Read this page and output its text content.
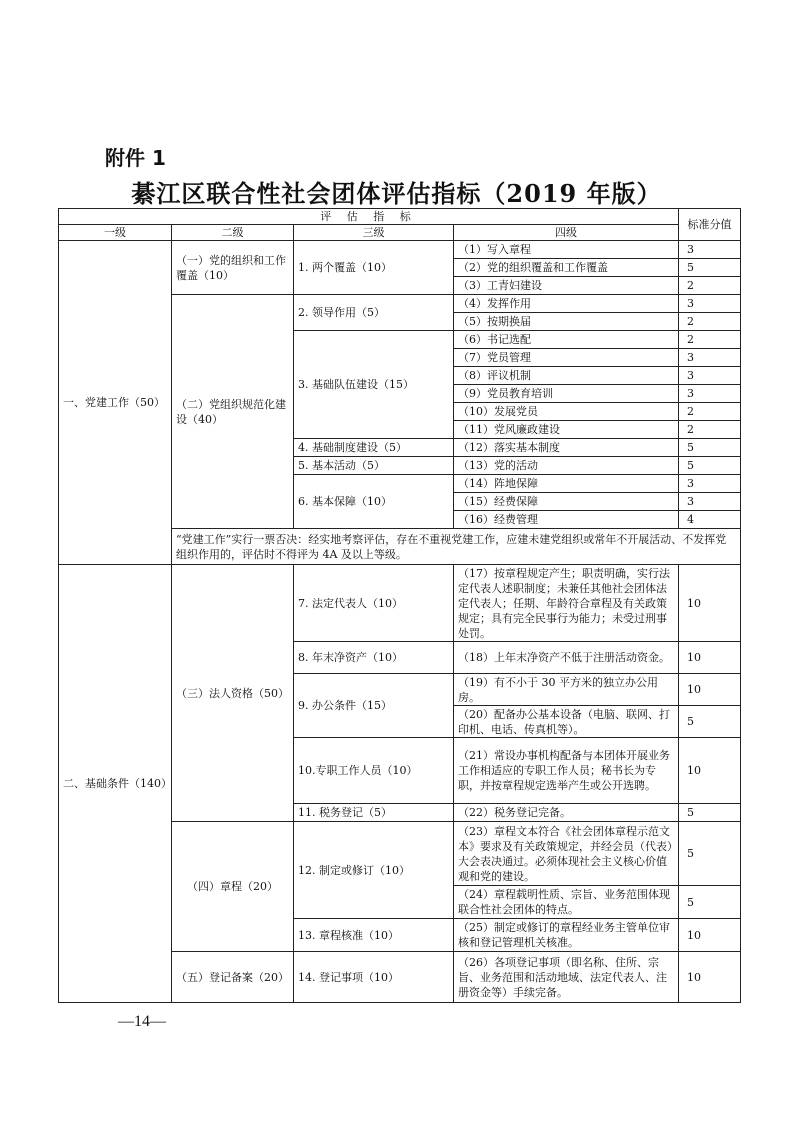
附件 1
綦江区联合性社会团体评估指标（2019 年版）
评 估 指 标				标准分值
一级	二级	三级	四级	
一、党建工作（50）	（一）党的组织和工作覆盖（10）	1. 两个覆盖（10）	（1）写入章程	3
			（2）党的组织覆盖和工作覆盖	5
			（3）工青妇建设	2
	（二）党组织规范化建设（40）	2. 领导作用（5）	（4）发挥作用	3
			（5）按期换届	2
		3. 基础队伍建设（15）	（6）书记选配	2
			（7）党员管理	3
			（8）评议机制	3
			（9）党员教育培训	3
			（10）发展党员	2
			（11）党风廉政建设	2
		4. 基础制度建设（5）	（12）落实基本制度	5
		5. 基本活动（5）	（13）党的活动	5
		6. 基本保障（10）	（14）阵地保障	3
			（15）经费保障	3
			（16）经费管理	4
	“党建工作”实行一票否决：经实地考察评估，存在不重视党建工作，应建未建党组织或常年不开展活动、不发挥党组织作用的，评估时不得评为 4A 及以上等级。			
二、基础条件（140）	（三）法人资格（50）	7. 法定代表人（10）	（17）按章程规定产生；职责明确，实行法定代表人述职制度；未兼任其他社会团体法定代表人；任期、年龄符合章程及有关政策规定；具有完全民事行为能力；未受过刑事处罚。	10
		8. 年末净资产（10）	（18）上年末净资产不低于注册活动资金。	10
		9. 办公条件（15）	（19）有不小于 30 平方米的独立办公用房。	10
			（20）配备办公基本设备（电脑、联网、打印机、电话、传真机等）。	5
		10.专职工作人员（10）	（21）常设办事机构配备与本团体开展业务工作相适应的专职工作人员；秘书长为专职，并按章程规定选举产生或公开选聘。	10
		11. 税务登记（5）	（22）税务登记完备。	5
	（四）章程（20）	12. 制定或修订（10）	（23）章程文本符合《社会团体章程示范文本》要求及有关政策规定，并经会员（代表）大会表决通过。必须体现社会主义核心价值观和党的建设。	5
			（24）章程载明性质、宗旨、业务范围体现联合性社会团体的特点。	5
		13. 章程核准（10）	（25）制定或修订的章程经业务主管单位审核和登记管理机关核准。	10
	（五）登记备案（20）	14. 登记事项（10）	（26）各项登记事项（即名称、住所、宗旨、业务范围和活动地域、法定代表人、注册资金等）手续完备。	10
—14—
